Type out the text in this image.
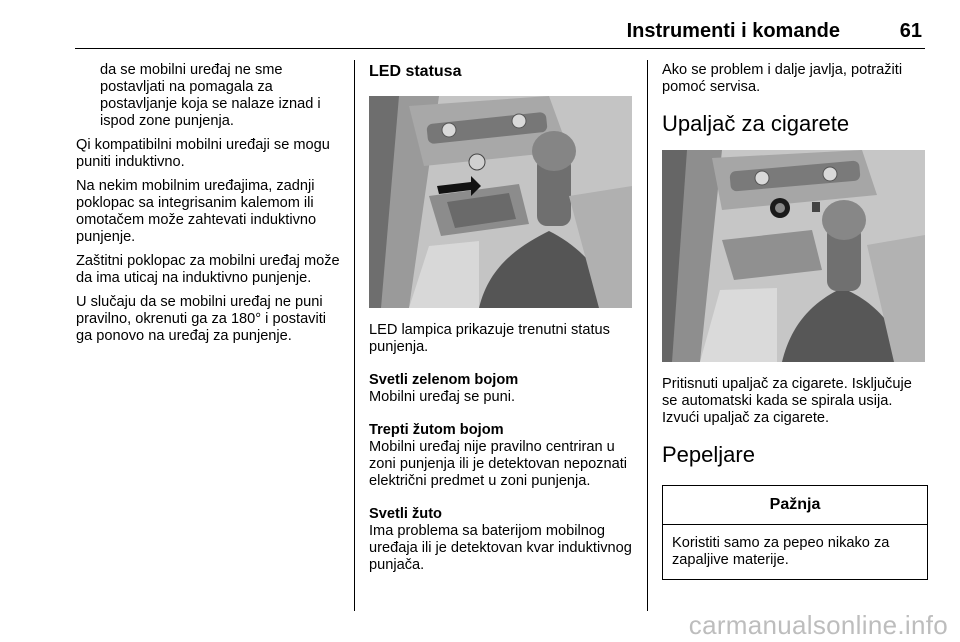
Instrumenti i komande	61

da se mobilni uređaj ne sme postavljati na pomagala za postavljanje koja se nalaze iznad i ispod zone punjenja.

Qi kompatibilni mobilni uređaji se mogu puniti induktivno.

Na nekim mobilnim uređajima, zadnji poklopac sa integrisanim kalemom ili omotačem može zahtevati induktivno punjenje.

Zaštitni poklopac za mobilni uređaj može da ima uticaj na induktivno punjenje.

U slučaju da se mobilni uređaj ne puni pravilno, okrenuti ga za 180° i postaviti ga ponovo na uređaj za punjenje.

LED statusa

LED lampica prikazuje trenutni status punjenja.

Svetli zelenom bojom

Mobilni uređaj se puni.

Trepti žutom bojom

Mobilni uređaj nije pravilno centriran u zoni punjenja ili je detektovan nepoznati električni predmet u zoni punjenja.

Svetli žuto

Ima problema sa baterijom mobilnog uređaja ili je detektovan kvar induktivnog punjača.

Ako se problem i dalje javlja, potražiti pomoć servisa.

Upaljač za cigarete

Pritisnuti upaljač za cigarete. Isključuje se automatski kada se spirala usija. Izvući upaljač za cigarete.

Pepeljare
Pažnja
Koristiti samo za pepeo nikako za zapaljive materije.
carmanualsonline.info
